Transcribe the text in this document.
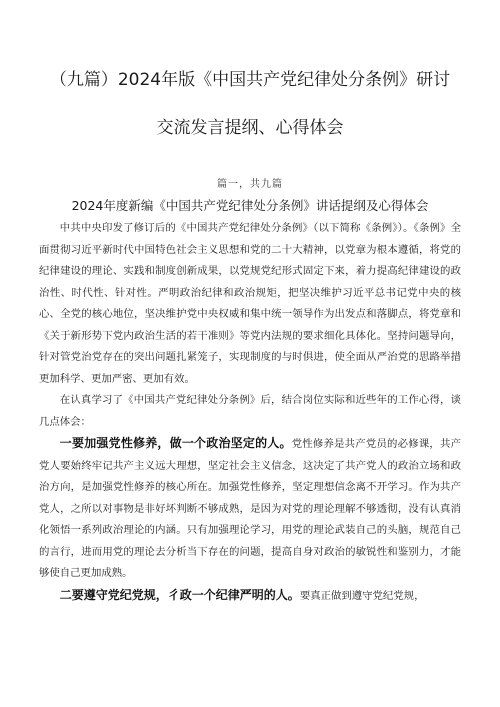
（九篇）2024年版《中国共产党纪律处分条例》研讨
交流发言提纲、心得体会
篇一，共九篇
2024年度新编《中国共产党纪律处分条例》讲话提纲及心得体会

中共中央印发了修订后的《中国共产党纪律处分条例》（以下简称《条例》）。《条例》全面贯彻习近平新时代中国特色社会主义思想和党的二十大精神，以党章为根本遵循，将党的纪律建设的理论、实践和制度创新成果，以党规党纪形式固定下来，着力提高纪律建设的政治性、时代性、针对性。严明政治纪律和政治规矩，把坚决维护习近平总书记党中央的核心、全党的核心地位，坚决维护党中央权威和集中统一领导作为出发点和落脚点，将党章和《关于新形势下党内政治生活的若干准则》等党内法规的要求细化具体化。坚持问题导向，针对管党治党存在的突出问题扎紧笼子，实现制度的与时俱进，使全面从严治党的思路举措更加科学、更加严密、更加有效。

在认真学习了《中国共产党纪律处分条例》后，结合岗位实际和近些年的工作心得，谈几点体会：

一要加强党性修养，做一个政治坚定的人。党性修养是共产党员的必修课，共产党人要始终牢记共产主义远大理想，坚定社会主义信念，这决定了共产党人的政治立场和政治方向，是加强党性修养的核心所在。加强党性修养，坚定理想信念离不开学习。作为共产党人，之所以对事物是非好坏判断不够成熟，是因为对党的理论理解不够透彻，没有认真消化领悟一系列政治理论的内涵。只有加强理论学习，用党的理论武装自己的头脑，规范自己的言行，进而用党的理论去分析当下存在的问题，提高自身对政治的敏锐性和鉴别力，才能够使自己更加成熟。

二要遵守党纪党规，彳政一个纪律严明的人。要真正做到遵守党纪党规，
